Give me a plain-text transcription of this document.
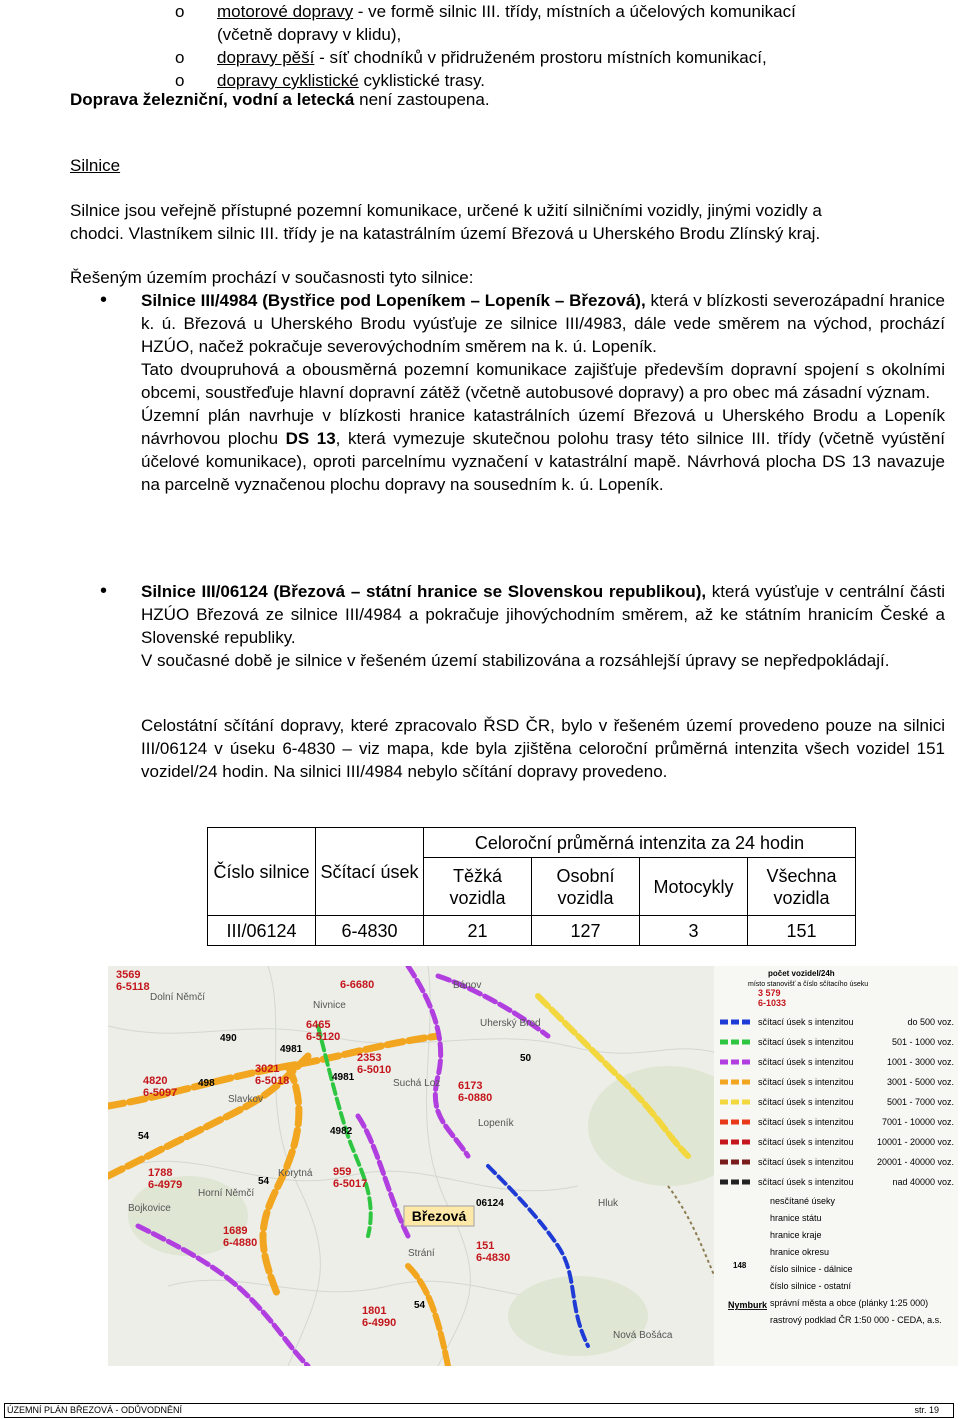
o motorové dopravy - ve formě silnic III. třídy, místních a účelových komunikací
(včetně dopravy v klidu),
o dopravy pěší - síť chodníků v přidruženém prostoru místních komunikací,
o dopravy cyklistické cyklistické trasy.
Doprava železniční, vodní a letecká není zastoupena.
Silnice
Silnice jsou veřejně přístupné pozemní komunikace, určené k užití silničními vozidly, jinými vozidly a
chodci. Vlastníkem silnic III. třídy je na katastrálním území Březová u Uherského Brodu Zlínský kraj.
Řešeným územím prochází v současnosti tyto silnice:
• Silnice III/4984 (Bystřice pod Lopeníkem – Lopeník – Březová), která v blízkosti severozápadní hranice k. ú. Březová u Uherského Brodu vyúsťuje ze silnice III/4983, dále vede směrem na východ, prochází HZÚO, načež pokračuje severovýchodním směrem na k. ú. Lopeník.
Tato dvoupruhová a obousměrná pozemní komunikace zajišťuje především dopravní spojení s okolními obcemi, soustřeďuje hlavní dopravní zátěž (včetně autobusové dopravy) a pro obec má zásadní význam.
Územní plán navrhuje v blízkosti hranice katastrálních území Březová u Uherského Brodu a Lopeník návrhovou plochu DS 13, která vymezuje skutečnou polohu trasy této silnice III. třídy (včetně vyústění účelové komunikace), oproti parcelnímu vyznačení v katastrální mapě. Návrhová plocha DS 13 navazuje na parcelně vyznačenou plochu dopravy na sousedním k. ú. Lopeník.
• Silnice III/06124 (Březová – státní hranice se Slovenskou republikou), která vyúsťuje v centrální části HZÚO Březová ze silnice III/4984 a pokračuje jihovýchodním směrem, až ke státním hranicím České a Slovenské republiky.
V současné době je silnice v řešeném území stabilizována a rozsáhlejší úpravy se nepředpokládají.
Celostátní sčítání dopravy, které zpracovalo ŘSD ČR, bylo v řešeném území provedeno pouze na silnici III/06124 v úseku 6-4830 – viz mapa, kde byla zjištěna celoroční průměrná intenzita všech vozidel 151 vozidel/24 hodin. Na silnici III/4984 nebylo sčítání dopravy provedeno.
Číslo silnice	Sčítací úsek	Celoroční průměrná intenzita za 24 hodin			
		Těžká vozidla	Osobní vozidla	Motocykly	Všechna vozidla
III/06124	6-4830	21	127	3	151
3569
6-5118	6-6680
6465
6-5120
2353
6-5010
3021
6-5018
4820
6-5097
6173
6-0880
1788
6-4979
959
6-5017
1689
6-4880	151
6-4830
1801
6-4990
490
4981
498
4982
4981
54
06124
50
54
54
Dolní Němčí
Nivnice
Bánov
Uherský Brod
Slavkov
Korytná
Strání
Lopeník
Suchá Loz
Bojkovice
Nová Bošáca
Horní Němčí
Hluk
Březová
počet vozidel/24h
místo stanovišť a číslo sčítacího úseku
3 579
6-1033
sčítací úsek s intenzitou	do 500 voz.
sčítací úsek s intenzitou	501 - 1000 voz.
sčítací úsek s intenzitou	1001 - 3000 voz.
sčítací úsek s intenzitou	3001 - 5000 voz.
sčítací úsek s intenzitou	5001 - 7000 voz.
sčítací úsek s intenzitou	7001 - 10000 voz.
sčítací úsek s intenzitou	10001 - 20000 voz.
sčítací úsek s intenzitou	20001 - 40000 voz.
sčítací úsek s intenzitou	nad 40000 voz.
nesčítané úseky
hranice státu
hranice kraje
hranice okresu
číslo silnice - dálnice
číslo silnice - ostatní
správní města a obce (plánky 1:25 000)
rastrový podklad ČR 1:50 000 - CEDA, a.s.
148
Nymburk
ÚZEMNÍ PLÁN BŘEZOVÁ - ODŮVODNĚNÍ	str. 19
